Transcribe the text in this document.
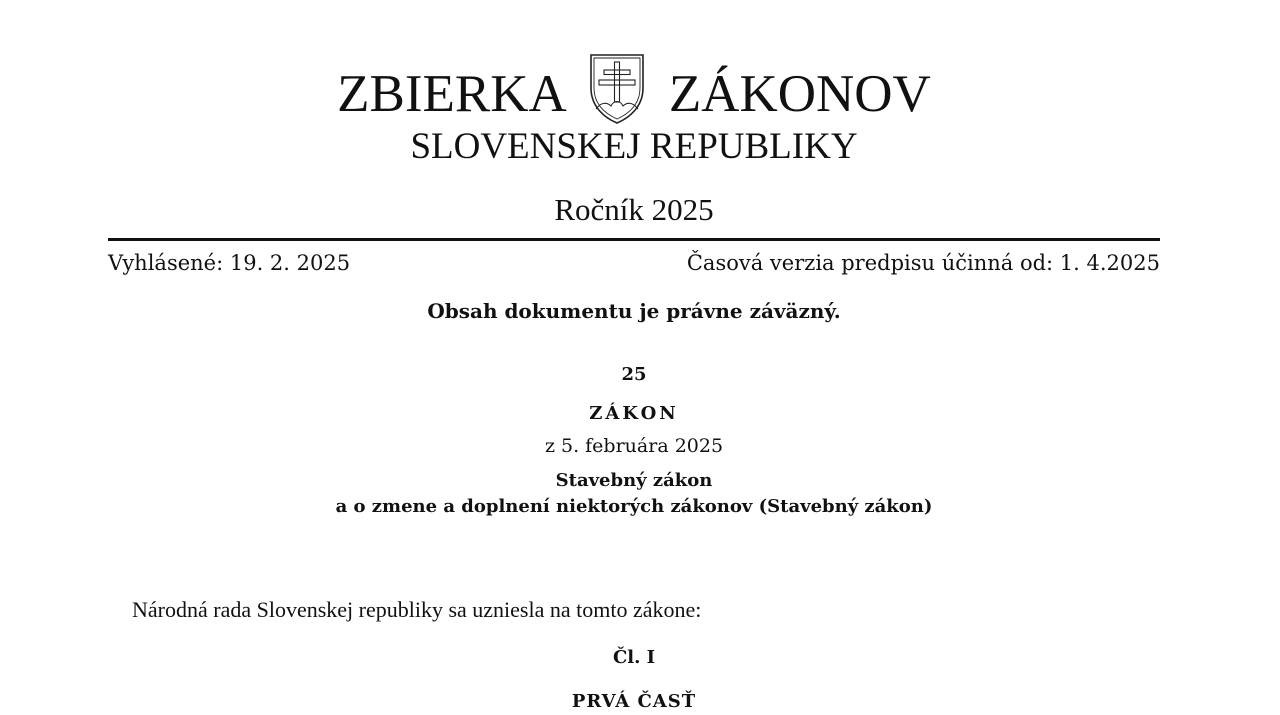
ZBIERKA ZÁKONOV
SLOVENSKEJ REPUBLIKY
Ročník 2025
Vyhlásené: 19. 2. 2025	Časová verzia predpisu účinná od: 1. 4.2025
Obsah dokumentu je právne záväzný.
25
ZÁKON
z 5. februára 2025
Stavebný zákon
a o zmene a doplnení niektorých zákonov (Stavebný zákon)
Národná rada Slovenskej republiky sa uzniesla na tomto zákone:
Čl. I
PRVÁ ČASŤ
